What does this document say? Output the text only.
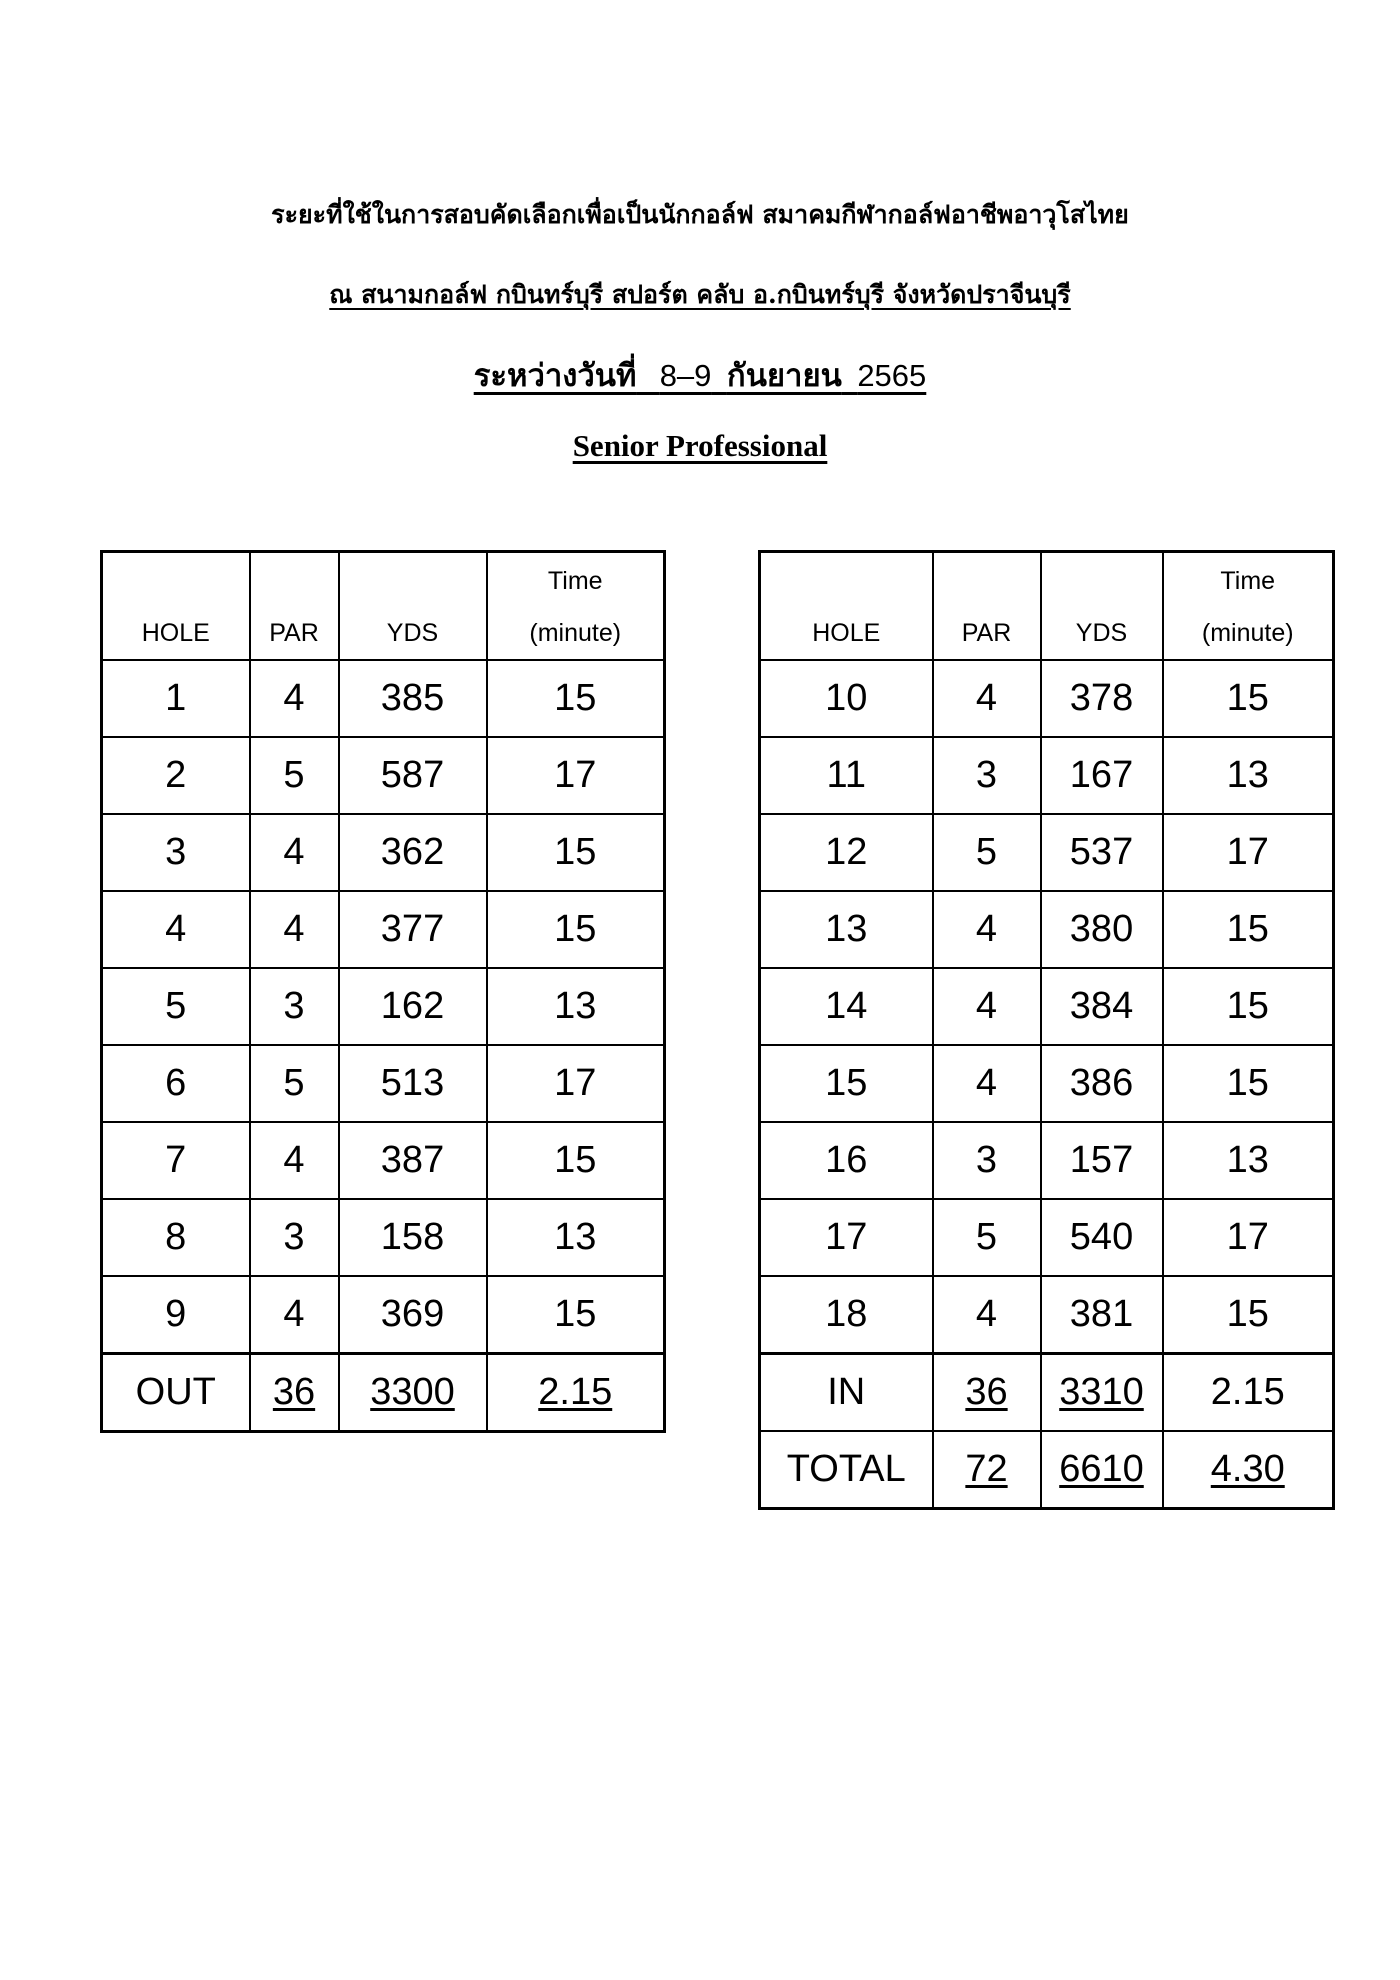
ระยะที่ใช้ในการสอบคัดเลือกเพื่อเป็นนักกอล์ฟ สมาคมกีฬากอล์ฟอาชีพอาวุโสไทย
ณ สนามกอล์ฟ กบินทร์บุรี สปอร์ต คลับ อ.กบินทร์บุรี จังหวัดปราจีนบุรี
ระหว่างวันที่ 8–9 กันยายน 2565
Senior Professional
HOLE	PAR	YDS	Time
(minute)

1	4	385	15
2	5	587	17
3	4	362	15
4	4	377	15
5	3	162	13
6	5	513	17
7	4	387	15
8	3	158	13
9	4	369	15
OUT	36	3300	2.15
HOLE	PAR	YDS	Time
(minute)

10	4	378	15
11	3	167	13
12	5	537	17
13	4	380	15
14	4	384	15
15	4	386	15
16	3	157	13
17	5	540	17
18	4	381	15
IN	36	3310	2.15
TOTAL	72	6610	4.30
